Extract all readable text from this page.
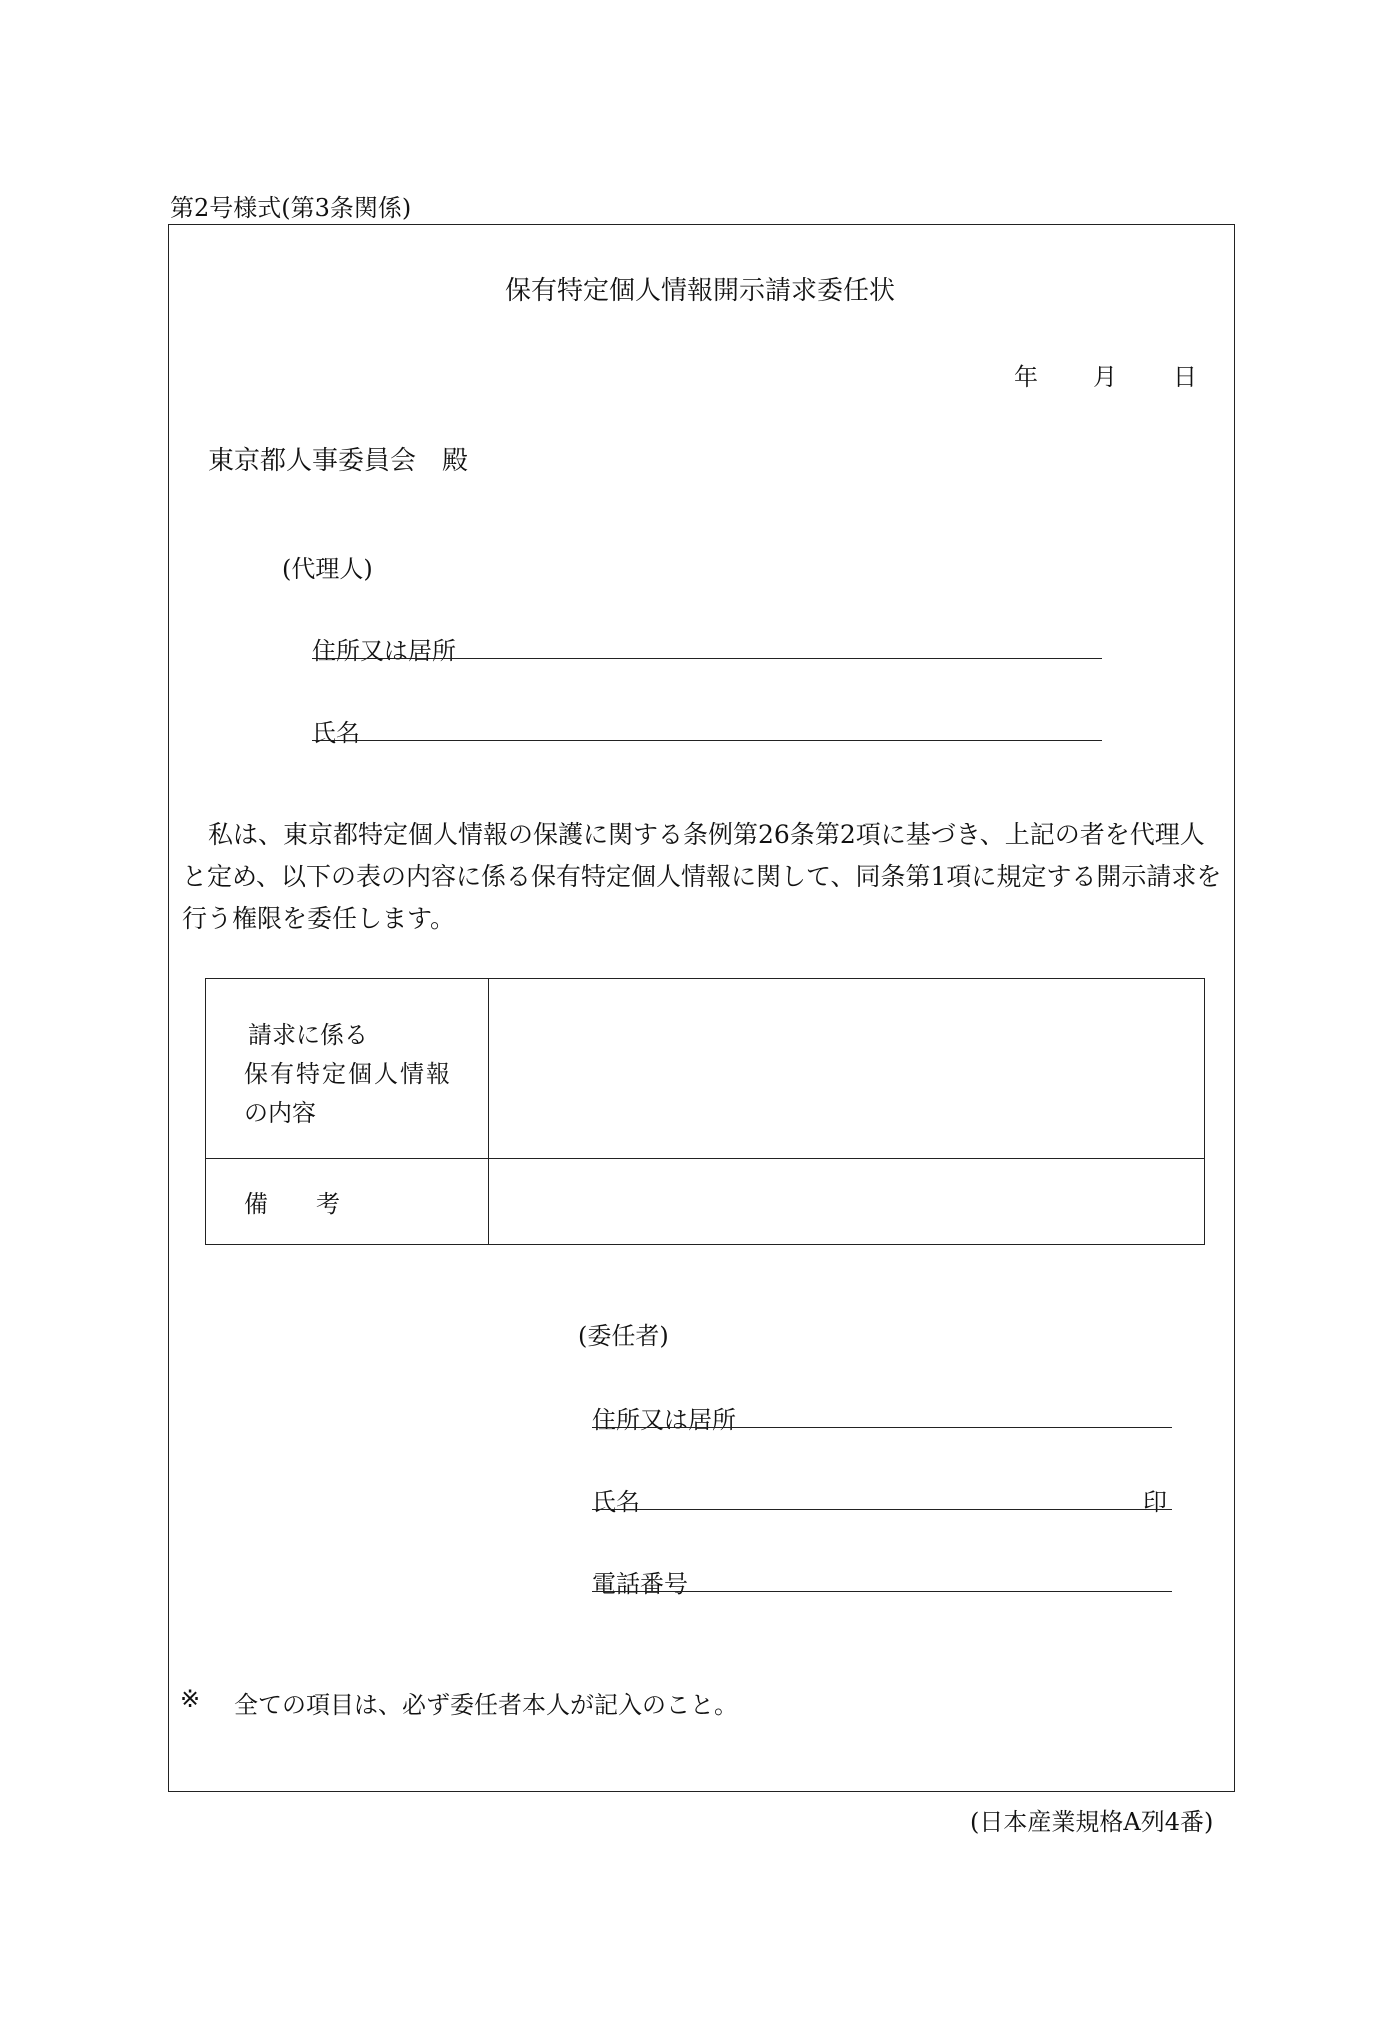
第2号様式(第3条関係)
保有特定個人情報開示請求委任状
年 月 日
東京都人事委員会　殿
(代理人)
住所又は居所
氏名
私は、東京都特定個人情報の保護に関する条例第26条第2項に基づき、上記の者を代理人と定め、以下の表の内容に係る保有特定個人情報に関して、同条第1項に規定する開示請求を行う権限を委任します。
請求に係る
保有特定個人情報
の内容
備　　考
(委任者)
住所又は居所
氏名	印
電話番号
※ 全ての項目は、必ず委任者本人が記入のこと。
(日本産業規格A列4番)
